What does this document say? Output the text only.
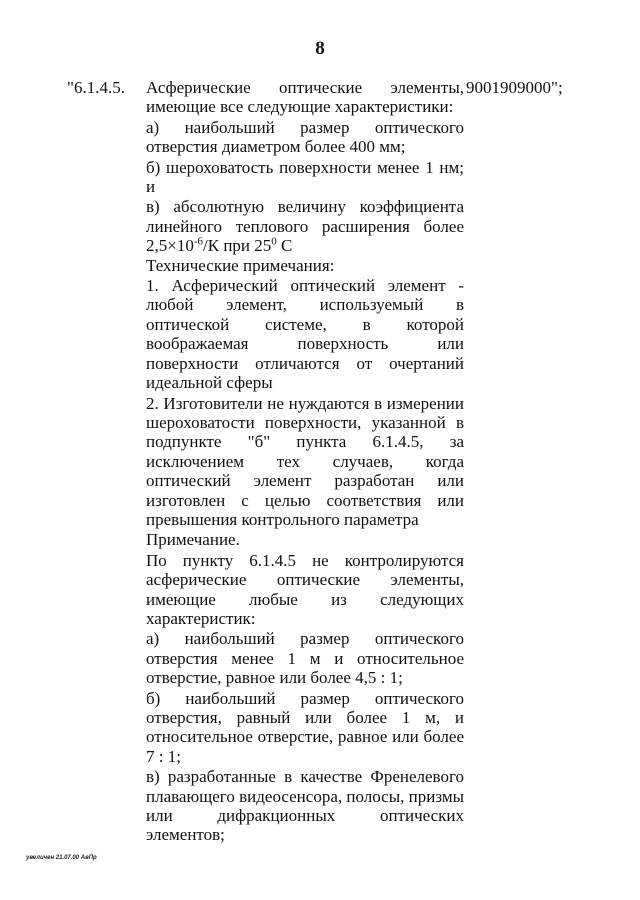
8
"6.1.4.5.	9001909000";

Асферические оптические элементы,

имеющие все следующие характеристики:

а) наибольший размер оптического отверстия диаметром более 400 мм;

б) шероховатость поверхности менее 1 нм; и

в) абсолютную величину коэффициента линейного теплового расширения более

$2,5\times 10^{-6}/К$ при $25^0$ С

Технические примечания:

1. Асферический оптический элемент - любой элемент, используемый в оптической системе, в которой воображаемая поверхность или поверхности отличаются от очертаний идеальной сферы

2. Изготовители не нуждаются в измерении шероховатости поверхности, указанной в подпункте "б" пункта 6.1.4.5, за исключением тех случаев, когда оптический элемент разработан или изготовлен с целью соответствия или превышения контрольного параметра

Примечание.

По пункту 6.1.4.5 не контролируются асферические оптические элементы, имеющие любые из следующих характеристик:

а) наибольший размер оптического отверстия менее 1 м и относительное отверстие, равное или более 4,5 : 1;

б) наибольший размер оптического отверстия, равный или более 1 м, и относительное отверстие, равное или более 7 : 1;

в) разработанные в качестве Френелевого плавающего видеосенсора, полосы, призмы или дифракционных оптических элементов;

увеличен 21.07.00 АвПр
